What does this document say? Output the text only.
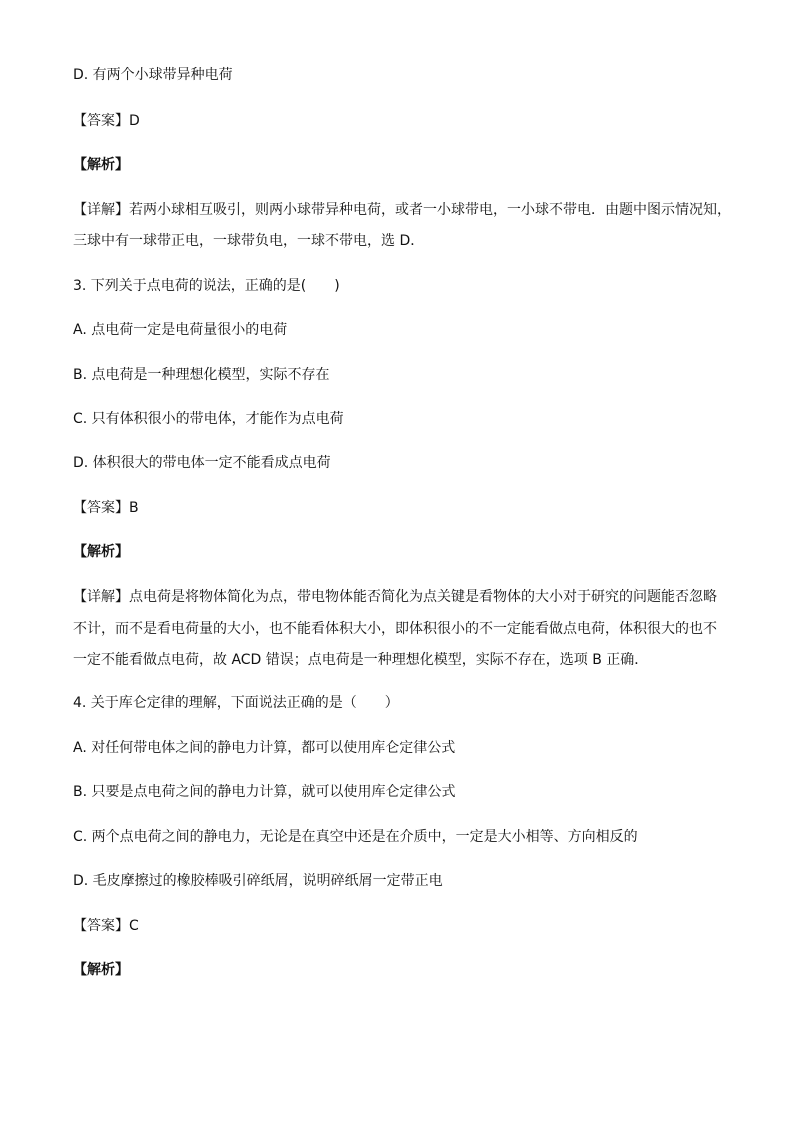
D. 有两个小球带异种电荷
【答案】D
【解析】
【详解】若两小球相互吸引，则两小球带异种电荷，或者一小球带电，一小球不带电．由题中图示情况知，
三球中有一球带正电，一球带负电，一球不带电，选 D．
3. 下列关于点电荷的说法，正确的是(　　)
A. 点电荷一定是电荷量很小的电荷
B. 点电荷是一种理想化模型，实际不存在
C. 只有体积很小的带电体，才能作为点电荷
D. 体积很大的带电体一定不能看成点电荷
【答案】B
【解析】
【详解】点电荷是将物体简化为点，带电物体能否简化为点关键是看物体的大小对于研究的问题能否忽略
不计，而不是看电荷量的大小，也不能看体积大小，即体积很小的不一定能看做点电荷，体积很大的也不
一定不能看做点电荷，故 ACD 错误；点电荷是一种理想化模型，实际不存在，选项 B 正确．
4. 关于库仑定律的理解，下面说法正确的是（　　）
A. 对任何带电体之间的静电力计算，都可以使用库仑定律公式
B. 只要是点电荷之间的静电力计算，就可以使用库仑定律公式
C. 两个点电荷之间的静电力，无论是在真空中还是在介质中，一定是大小相等、方向相反的
D. 毛皮摩擦过的橡胶棒吸引碎纸屑，说明碎纸屑一定带正电
【答案】C
【解析】
